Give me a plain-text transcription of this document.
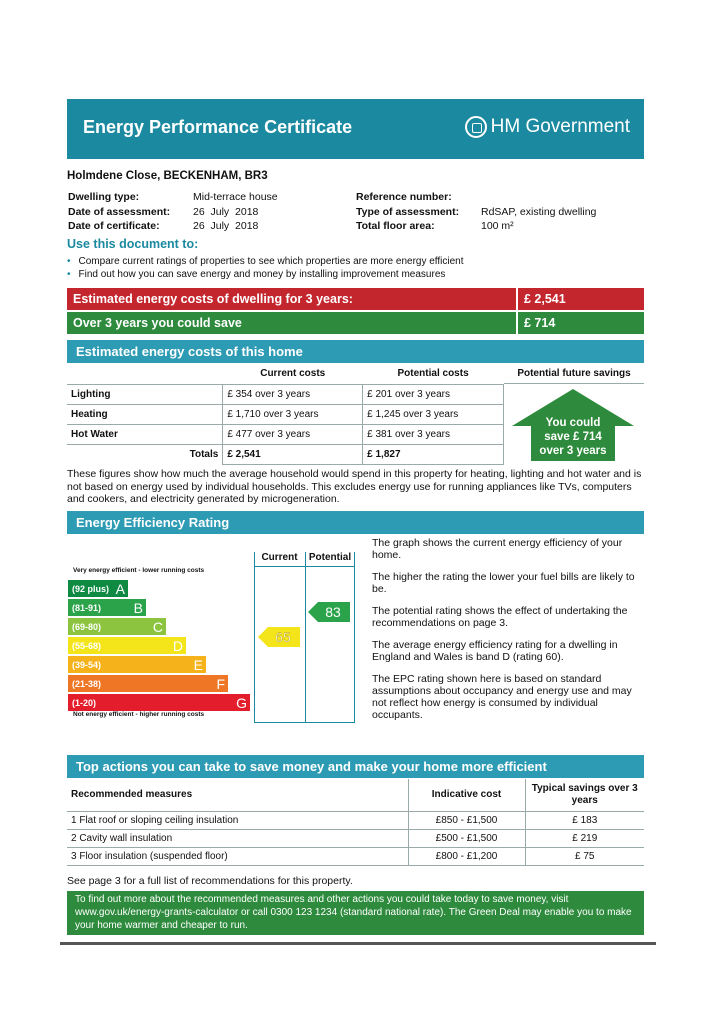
Energy Performance Certificate	HM Government
Holmdene Close, BECKENHAM, BR3
Dwelling type:	Mid-terrace house
Date of assessment: 26  July  2018
Date of certificate:	26  July  2018
Reference number:
Type of assessment: RdSAP, existing dwelling
Total floor area:	100 m²
Use this document to:
• Compare current ratings of properties to see which properties are more energy efficient
• Find out how you can save energy and money by installing improvement measures
Estimated energy costs of dwelling for 3 years:	£ 2,541
Over 3 years you could save	£ 714
Estimated energy costs of this home
	Current costs	Potential costs
Lighting	£ 354 over 3 years	£ 201 over 3 years
Heating	£ 1,710 over 3 years	£ 1,245 over 3 years
Hot Water	£ 477 over 3 years	£ 381 over 3 years
Totals	£ 2,541	£ 1,827
Potential future savings
You could
save £ 714
over 3 years
These figures show how much the average household would spend in this property for heating, lighting and hot water and is not based on energy used by individual households. This excludes energy use for running appliances like TVs, computers and cookers, and electricity generated by microgeneration.
Energy Efficiency Rating
Current	Potential
Very energy efficient - lower running costs
Not energy efficient - higher running costs
(92 plus) A
(81-91) B
(69-80)	C
(55-68)	D
(39-54)	E
(21-38)	F
(1-20)	G
65
83
The graph shows the current energy efficiency of your home.
The higher the rating the lower your fuel bills are likely to be.
The potential rating shows the effect of undertaking the recommendations on page 3.
The average energy efficiency rating for a dwelling in England and Wales is band D (rating 60).
The EPC rating shown here is based on standard assumptions about occupancy and energy use and may not reflect how energy is consumed by individual occupants.
Top actions you can take to save money and make your home more efficient
Recommended measures	Indicative cost	Typical savings over 3 years
1 Flat roof or sloping ceiling insulation	£850 - £1,500	£ 183
2 Cavity wall insulation	£500 - £1,500	£ 219
3 Floor insulation (suspended floor)	£800 - £1,200	£ 75
See page 3 for a full list of recommendations for this property.
To find out more about the recommended measures and other actions you could take today to save money, visit www.gov.uk/energy-grants-calculator or call 0300 123 1234 (standard national rate). The Green Deal may enable you to make your home warmer and cheaper to run.
